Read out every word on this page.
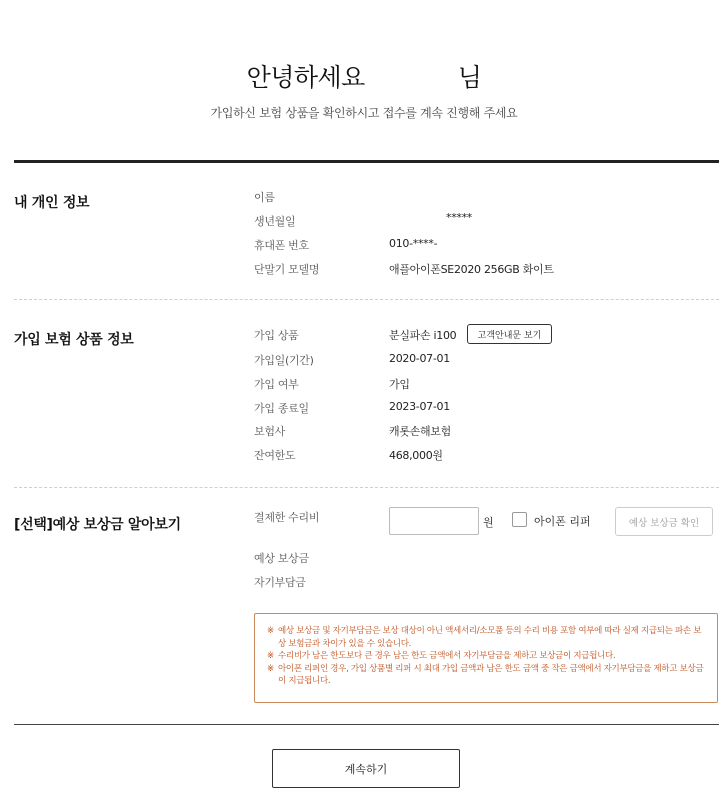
안녕하세요	님
가입하신 보험 상품을 확인하시고 접수를 계속 진행해 주세요
내 개인 정보	이름
생년월일	*****
휴대폰 번호	010-****-
단말기 모델명	애플아이폰SE2020 256GB 화이트
가입 보험 상품 정보	가입 상품	분실파손 i100	고객안내문 보기
가입일(기간)	2020-07-01
가입 여부	가입
가입 종료일	2023-07-01
보험사	캐롯손해보험
잔여한도	468,000원
[선택]예상 보상금 알아보기	결제한 수리비	원	아이폰 리퍼	예상 보상금 확인
예상 보상금
자기부담금
※ 예상 보상금 및 자기부담금은 보상 대상이 아닌 액세서리/소모품 등의 수리 비용 포함 여부에 따라 실제 지급되는 파손 보상 보험금과 차이가 있을 수 있습니다.
※ 수리비가 남은 한도보다 큰 경우 남은 한도 금액에서 자기부담금을 제하고 보상금이 지급됩니다.
※ 아이폰 리퍼인 경우, 가입 상품별 리퍼 시 최대 가입 금액과 남은 한도 금액 중 작은 금액에서 자기부담금을 제하고 보상금이 지급됩니다.
계속하기
